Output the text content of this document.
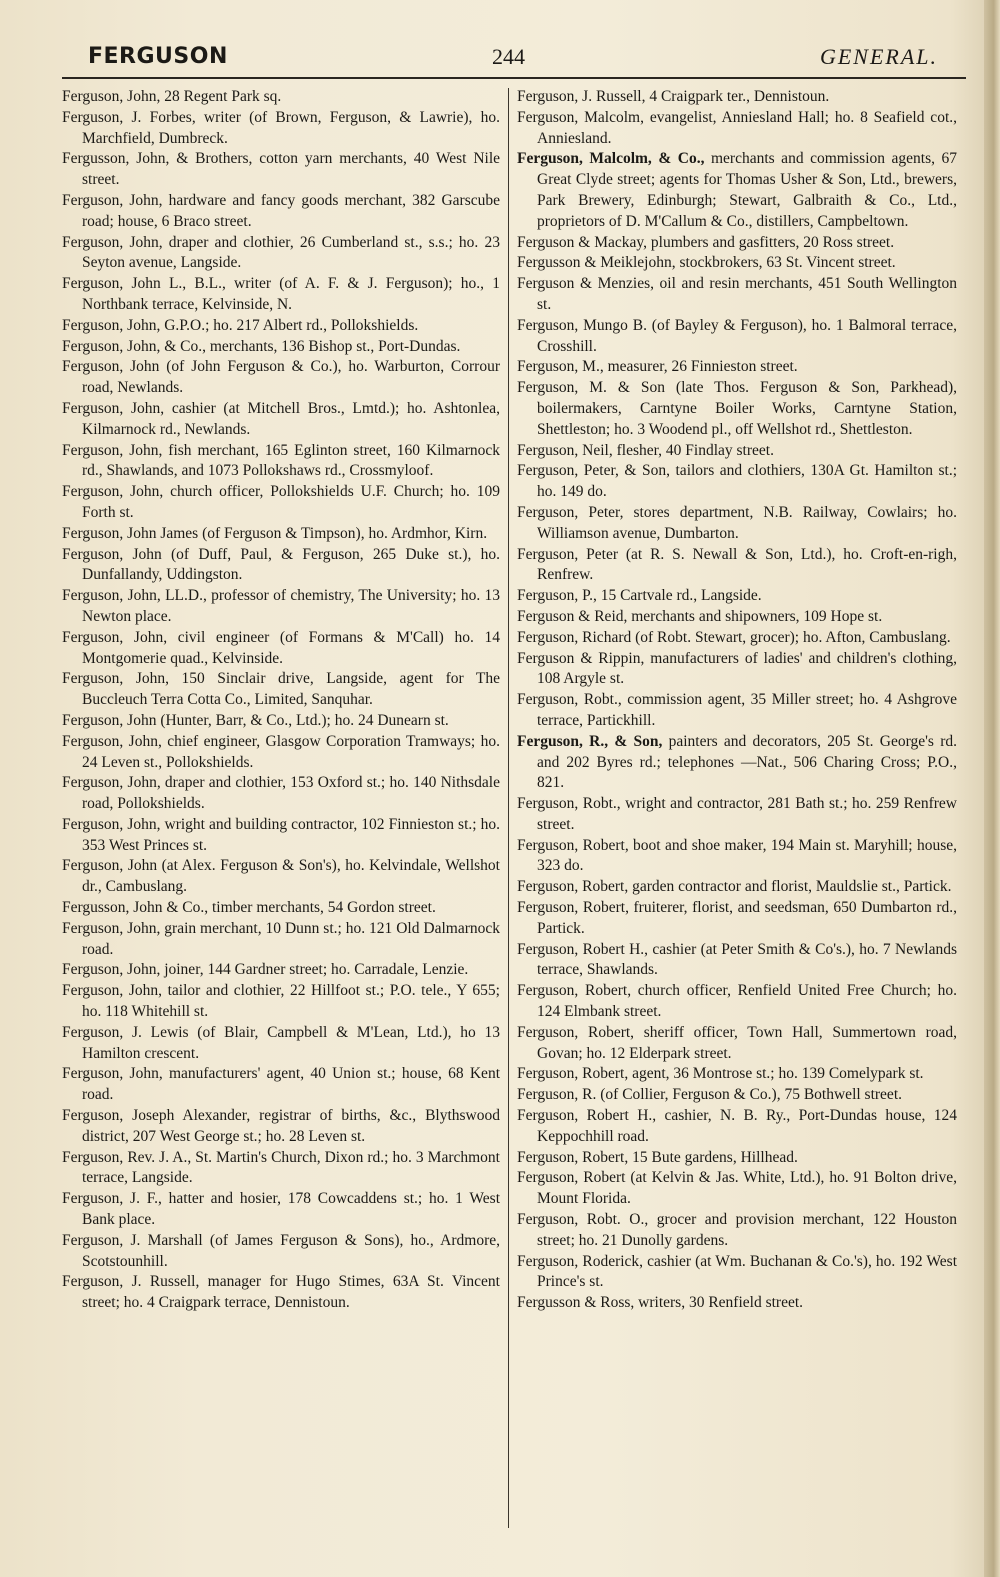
FERGUSON	244	GENERAL.
Ferguson, John, 28 Regent Park sq.
Ferguson, J. Forbes, writer (of Brown, Ferguson, & Lawrie), ho. Marchfield, Dumbreck.
Fergusson, John, & Brothers, cotton yarn merchants, 40 West Nile street.
Ferguson, John, hardware and fancy goods merchant, 382 Garscube road; house, 6 Braco street.
Ferguson, John, draper and clothier, 26 Cumberland st., s.s.; ho. 23 Seyton avenue, Langside.
Ferguson, John L., B.L., writer (of A. F. & J. Ferguson); ho., 1 Northbank terrace, Kelvinside, N.
Ferguson, John, G.P.O.; ho. 217 Albert rd., Pollokshields.
Ferguson, John, & Co., merchants, 136 Bishop st., Port-Dundas.
Ferguson, John (of John Ferguson & Co.), ho. Warburton, Corrour road, Newlands.
Ferguson, John, cashier (at Mitchell Bros., Lmtd.); ho. Ashtonlea, Kilmarnock rd., Newlands.
Ferguson, John, fish merchant, 165 Eglinton street, 160 Kilmarnock rd., Shawlands, and 1073 Pollokshaws rd., Crossmyloof.
Ferguson, John, church officer, Pollokshields U.F. Church; ho. 109 Forth st.
Ferguson, John James (of Ferguson & Timpson), ho. Ardmhor, Kirn.
Ferguson, John (of Duff, Paul, & Ferguson, 265 Duke st.), ho. Dunfallandy, Uddingston.
Ferguson, John, LL.D., professor of chemistry, The University; ho. 13 Newton place.
Ferguson, John, civil engineer (of Formans & M'Call) ho. 14 Montgomerie quad., Kelvinside.
Ferguson, John, 150 Sinclair drive, Langside, agent for The Buccleuch Terra Cotta Co., Limited, Sanquhar.
Ferguson, John (Hunter, Barr, & Co., Ltd.); ho. 24 Dunearn st.
Ferguson, John, chief engineer, Glasgow Corporation Tramways; ho. 24 Leven st., Pollokshields.
Ferguson, John, draper and clothier, 153 Oxford st.; ho. 140 Nithsdale road, Pollokshields.
Ferguson, John, wright and building contractor, 102 Finnieston st.; ho. 353 West Princes st.
Ferguson, John (at Alex. Ferguson & Son's), ho. Kelvindale, Wellshot dr., Cambuslang.
Fergusson, John & Co., timber merchants, 54 Gordon street.
Ferguson, John, grain merchant, 10 Dunn st.; ho. 121 Old Dalmarnock road.
Ferguson, John, joiner, 144 Gardner street; ho. Carradale, Lenzie.
Ferguson, John, tailor and clothier, 22 Hillfoot st.; P.O. tele., Y 655; ho. 118 Whitehill st.
Ferguson, J. Lewis (of Blair, Campbell & M'Lean, Ltd.), ho 13 Hamilton crescent.
Ferguson, John, manufacturers' agent, 40 Union st.; house, 68 Kent road.
Ferguson, Joseph Alexander, registrar of births, &c., Blythswood district, 207 West George st.; ho. 28 Leven st.
Ferguson, Rev. J. A., St. Martin's Church, Dixon rd.; ho. 3 Marchmont terrace, Langside.
Ferguson, J. F., hatter and hosier, 178 Cowcaddens st.; ho. 1 West Bank place.
Ferguson, J. Marshall (of James Ferguson & Sons), ho., Ardmore, Scotstounhill.
Ferguson, J. Russell, manager for Hugo Stimes, 63A St. Vincent street; ho. 4 Craigpark terrace, Dennistoun.
Ferguson, J. Russell, 4 Craigpark ter., Dennistoun.
Ferguson, Malcolm, evangelist, Anniesland Hall; ho. 8 Seafield cot., Anniesland.
Ferguson, Malcolm, & Co., merchants and commission agents, 67 Great Clyde street; agents for Thomas Usher & Son, Ltd., brewers, Park Brewery, Edinburgh; Stewart, Galbraith & Co., Ltd., proprietors of D. M'Callum & Co., distillers, Campbeltown.
Ferguson & Mackay, plumbers and gasfitters, 20 Ross street.
Fergusson & Meiklejohn, stockbrokers, 63 St. Vincent street.
Ferguson & Menzies, oil and resin merchants, 451 South Wellington st.
Ferguson, Mungo B. (of Bayley & Ferguson), ho. 1 Balmoral terrace, Crosshill.
Ferguson, M., measurer, 26 Finnieston street.
Ferguson, M. & Son (late Thos. Ferguson & Son, Parkhead), boilermakers, Carntyne Boiler Works, Carntyne Station, Shettleston; ho. 3 Woodend pl., off Wellshot rd., Shettleston.
Ferguson, Neil, flesher, 40 Findlay street.
Ferguson, Peter, & Son, tailors and clothiers, 130A Gt. Hamilton st.; ho. 149 do.
Ferguson, Peter, stores department, N.B. Railway, Cowlairs; ho. Williamson avenue, Dumbarton.
Ferguson, Peter (at R. S. Newall & Son, Ltd.), ho. Croft-en-righ, Renfrew.
Ferguson, P., 15 Cartvale rd., Langside.
Ferguson & Reid, merchants and shipowners, 109 Hope st.
Ferguson, Richard (of Robt. Stewart, grocer); ho. Afton, Cambuslang.
Ferguson & Rippin, manufacturers of ladies' and children's clothing, 108 Argyle st.
Ferguson, Robt., commission agent, 35 Miller street; ho. 4 Ashgrove terrace, Partickhill.
Ferguson, R., & Son, painters and decorators, 205 St. George's rd. and 202 Byres rd.; telephones —Nat., 506 Charing Cross; P.O., 821.
Ferguson, Robt., wright and contractor, 281 Bath st.; ho. 259 Renfrew street.
Ferguson, Robert, boot and shoe maker, 194 Main st. Maryhill; house, 323 do.
Ferguson, Robert, garden contractor and florist, Mauldslie st., Partick.
Ferguson, Robert, fruiterer, florist, and seedsman, 650 Dumbarton rd., Partick.
Ferguson, Robert H., cashier (at Peter Smith & Co's.), ho. 7 Newlands terrace, Shawlands.
Ferguson, Robert, church officer, Renfield United Free Church; ho. 124 Elmbank street.
Ferguson, Robert, sheriff officer, Town Hall, Summertown road, Govan; ho. 12 Elderpark street.
Ferguson, Robert, agent, 36 Montrose st.; ho. 139 Comelypark st.
Ferguson, R. (of Collier, Ferguson & Co.), 75 Bothwell street.
Ferguson, Robert H., cashier, N. B. Ry., Port-Dundas house, 124 Keppochhill road.
Ferguson, Robert, 15 Bute gardens, Hillhead.
Ferguson, Robert (at Kelvin & Jas. White, Ltd.), ho. 91 Bolton drive, Mount Florida.
Ferguson, Robt. O., grocer and provision merchant, 122 Houston street; ho. 21 Dunolly gardens.
Ferguson, Roderick, cashier (at Wm. Buchanan & Co.'s), ho. 192 West Prince's st.
Fergusson & Ross, writers, 30 Renfield street.
